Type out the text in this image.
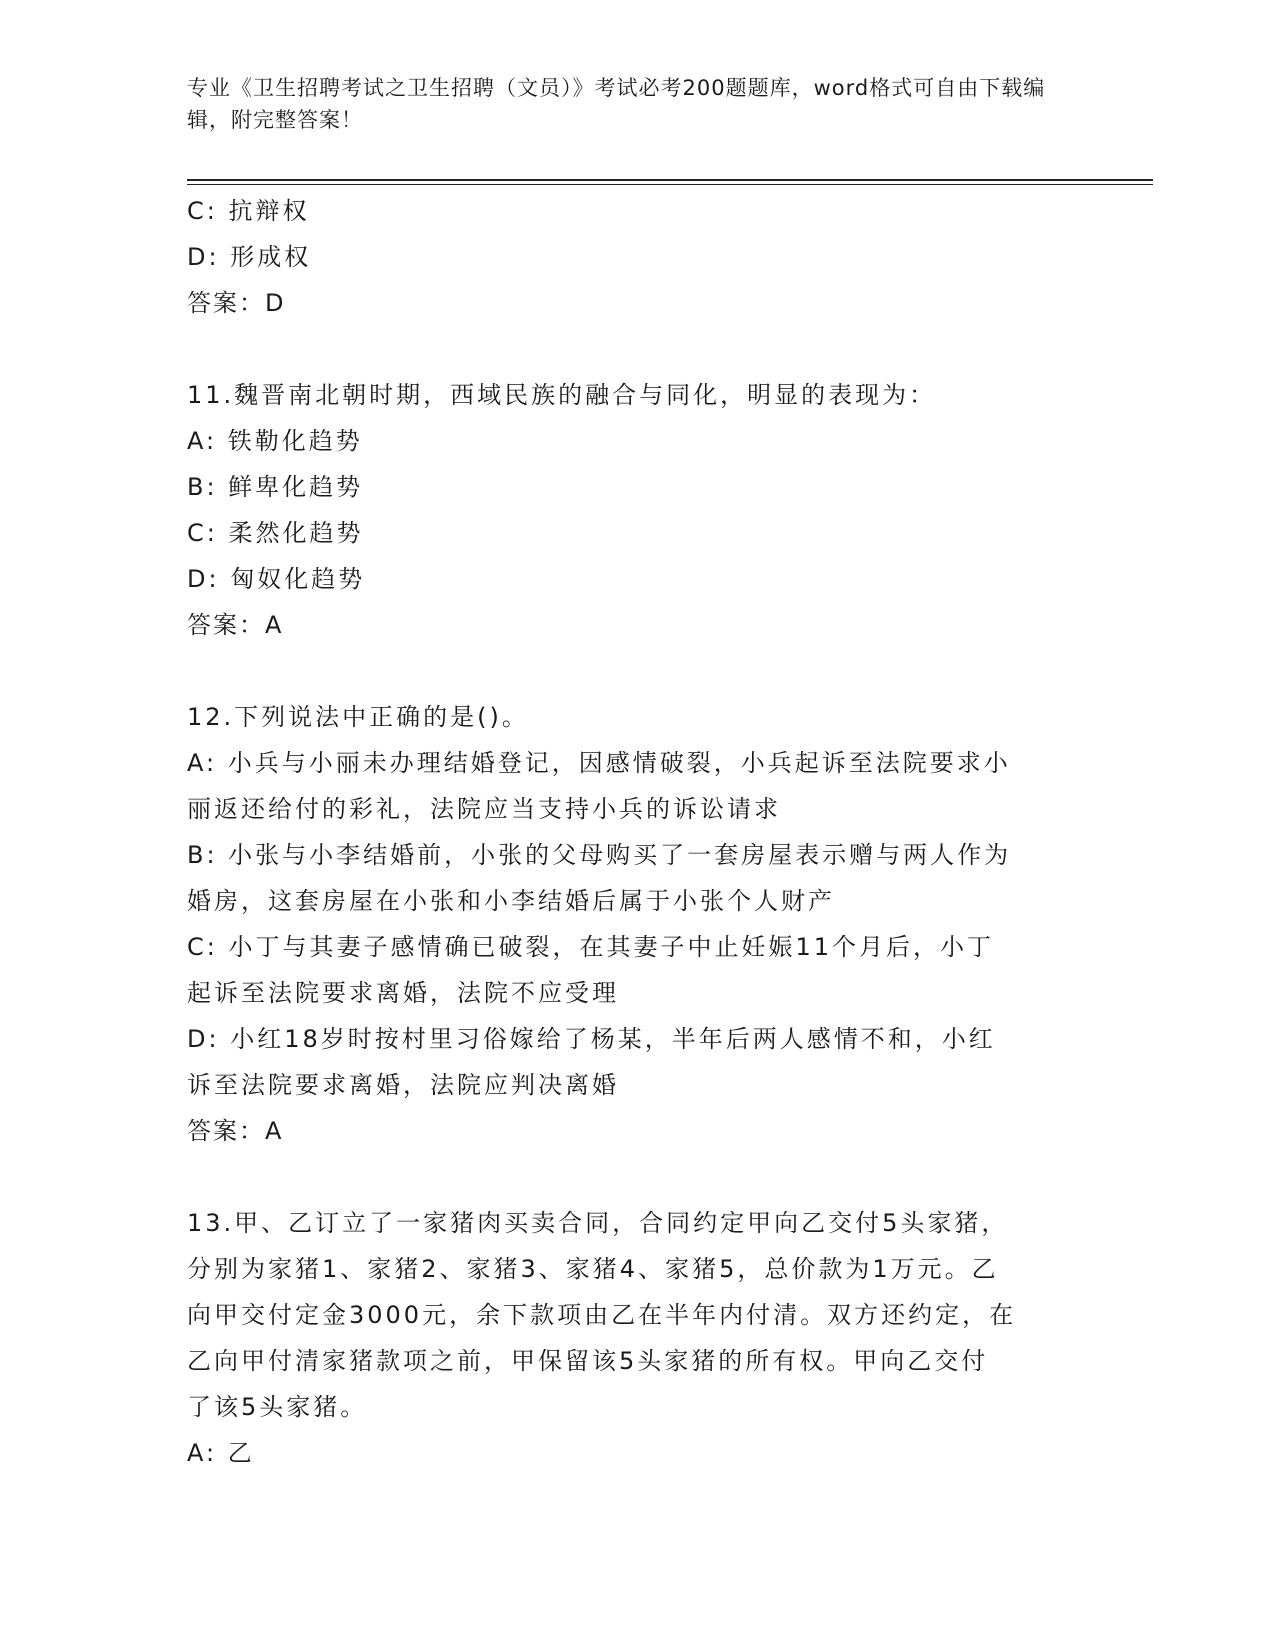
专业《卫生招聘考试之卫生招聘（文员）》考试必考200题题库，word格式可自由下载编辑，附完整答案！

C: 抗辩权

D: 形成权

答案：D

11.魏晋南北朝时期，西域民族的融合与同化，明显的表现为：

A: 铁勒化趋势

B: 鲜卑化趋势

C: 柔然化趋势

D: 匈奴化趋势

答案：A

12.下列说法中正确的是()。

A: 小兵与小丽未办理结婚登记，因感情破裂，小兵起诉至法院要求小

丽返还给付的彩礼，法院应当支持小兵的诉讼请求

B: 小张与小李结婚前，小张的父母购买了一套房屋表示赠与两人作为

婚房，这套房屋在小张和小李结婚后属于小张个人财产

C: 小丁与其妻子感情确已破裂，在其妻子中止妊娠11个月后，小丁

起诉至法院要求离婚，法院不应受理

D: 小红18岁时按村里习俗嫁给了杨某，半年后两人感情不和，小红

诉至法院要求离婚，法院应判决离婚

答案：A

13.甲、乙订立了一家猪肉买卖合同，合同约定甲向乙交付5头家猪，

分别为家猪1、家猪2、家猪3、家猪4、家猪5，总价款为1万元。乙

向甲交付定金3000元，余下款项由乙在半年内付清。双方还约定，在

乙向甲付清家猪款项之前，甲保留该5头家猪的所有权。甲向乙交付

了该5头家猪。

A: 乙
